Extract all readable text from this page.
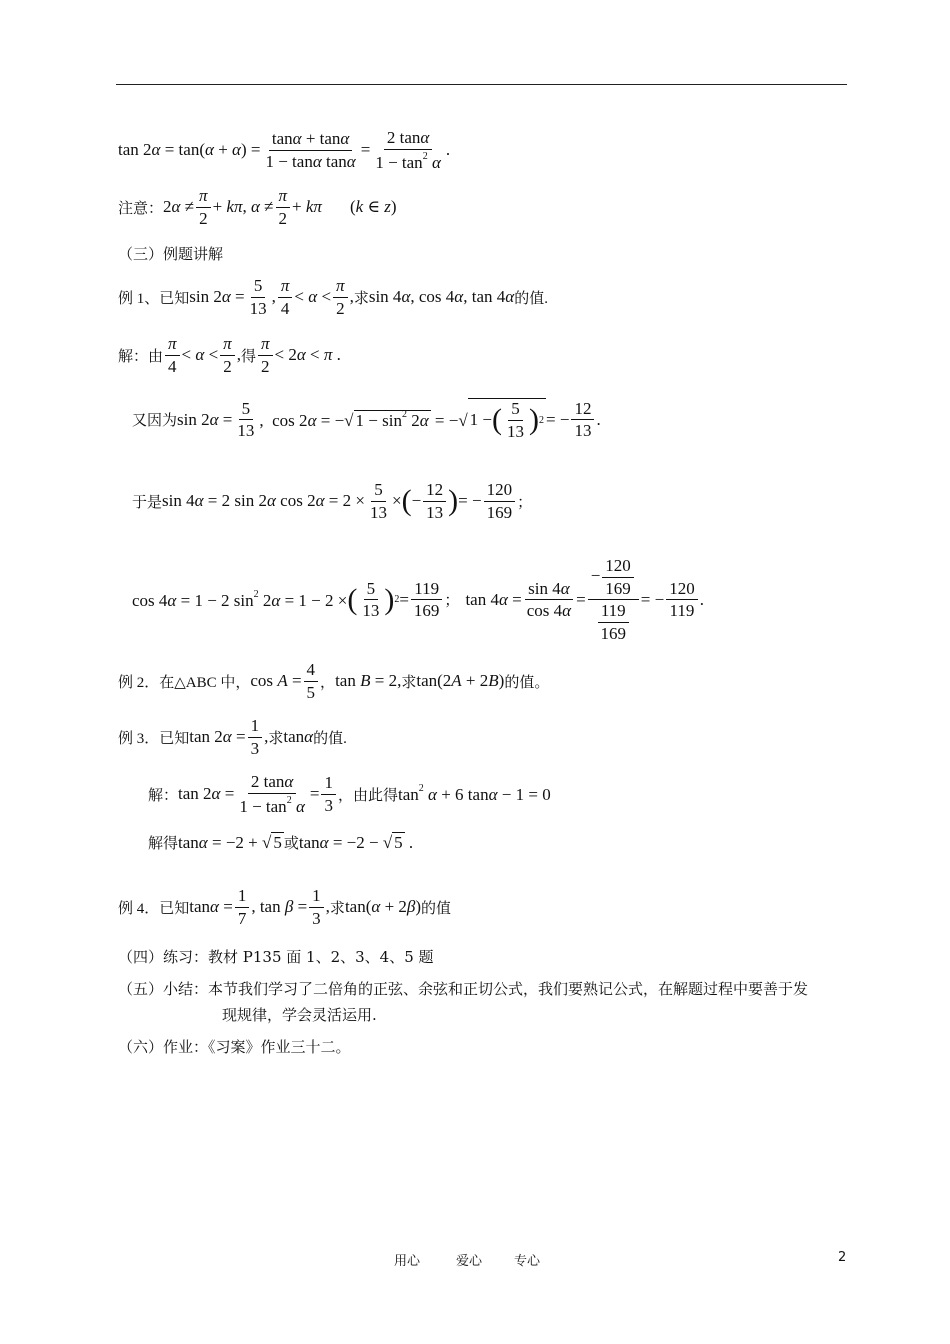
$\tan 2\alpha = \tan(\alpha + \alpha) = \frac{\tan\alpha + \tan\alpha}{\text{1 − tanα tanα}} = \frac{2 \tan\alpha}{1 - \tan^2 \alpha}$ .
注意： $2\alpha \ne \frac{\pi}{2} + k\pi$, $\alpha \ne \frac{\pi}{2} + k\pi$ (k ∈ z)
（三）例题讲解
例 1、已知 $\sin 2\alpha = \frac{5}{13}$ , $\frac{\pi}{4} < \alpha < \frac{\pi}{2}$ , 求 sin 4α, cos 4α, tan 4α 的值.
解：由 $\frac{\pi}{4} < \alpha < \frac{\pi}{2}$ , 得 $\frac{\pi}{2} < 2\alpha < \pi$ .
又因为 $\sin 2\alpha = \frac{5}{13}$ ,  cos 2α = −√ $1 - \sin^2 2\alpha$ = −√ 1 − ( $\frac{5}{13}$ ) 2 = − $\frac{12}{13}$ .
于是 sin 4α = 2 sin 2α $\cos 2\alpha = 2 \times \frac{5}{13}$ × ( − $\frac{12}{13}$ ) = − $\frac{120}{169}$ ；
cos 4α = 1 − 2 $\sin^2 2\alpha = 1 - 2$ × ( $\frac{5}{13}$ ) $2 = \frac{119}{169}$ ； $\tan 4\alpha = \frac{\sin 4\alpha}{\cos 4\alpha} = \frac{- \frac{120}{169}}{\frac{119}{169}}$ = − $\frac{120}{119}$ .
例 2．在△ABC 中， $\cos A = \frac{4}{5}$ ， tan B = 2, 求 tan(2A + 2B) 的值。
例 3．已知 $\tan 2\alpha = \frac{1}{3}$ , 求 tanα 的值.
解： $\tan 2\alpha = \frac{2 \tan\alpha}{1 - \tan^2 \alpha} = \frac{1}{3}$ ， 由此得 $\tan^2 \alpha + 6$ tanα − 1 = 0
解得 tanα = −2 + √ 5 或 tanα = −2 − √ 5 .
例 4．已知 $\tan\alpha = \frac{1}{7}$ , $\tan \beta = \frac{1}{3}$ , 求 tan(α + 2β) 的值
（四）练习：教材 P135 面 1、2、3、4、5 题
（五）小结：本节我们学习了二倍角的正弦、余弦和正切公式，我们要熟记公式，在解题过程中要善于发
现规律，学会灵活运用.
（六）作业：《习案》作业三十二。
用心	爱心 专心	2
